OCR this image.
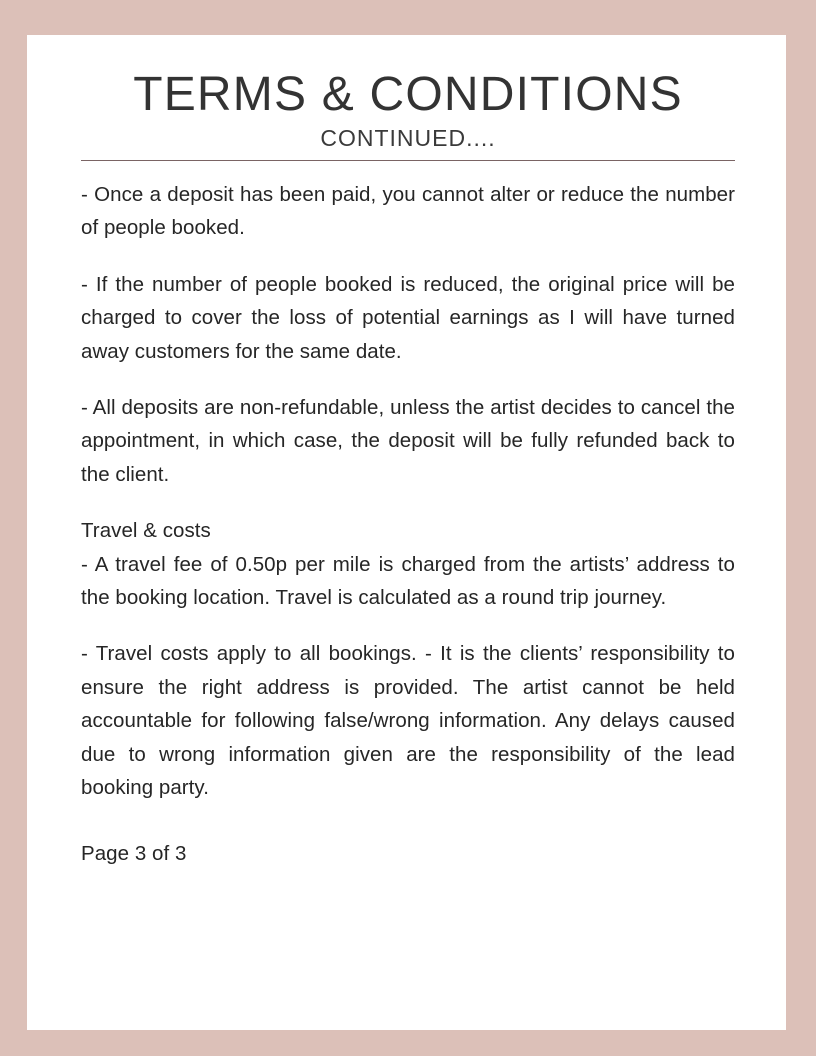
TERMS & CONDITIONS
CONTINUED....

- Once a deposit has been paid, you cannot alter or reduce the number of people booked.

- If the number of people booked is reduced, the original price will be charged to cover the loss of potential earnings as I will have turned away customers for the same date.

- All deposits are non-refundable, unless the artist decides to cancel the appointment, in which case, the deposit will be fully refunded back to the client.

Travel & costs

- A travel fee of 0.50p per mile is charged from the artists’ address to the booking location. Travel is calculated as a round trip journey.

- Travel costs apply to all bookings. - It is the clients’ responsibility to ensure the right address is provided. The artist cannot be held accountable for following false/wrong information. Any delays caused due to wrong information given are the responsibility of the lead booking party.

Page 3 of 3
